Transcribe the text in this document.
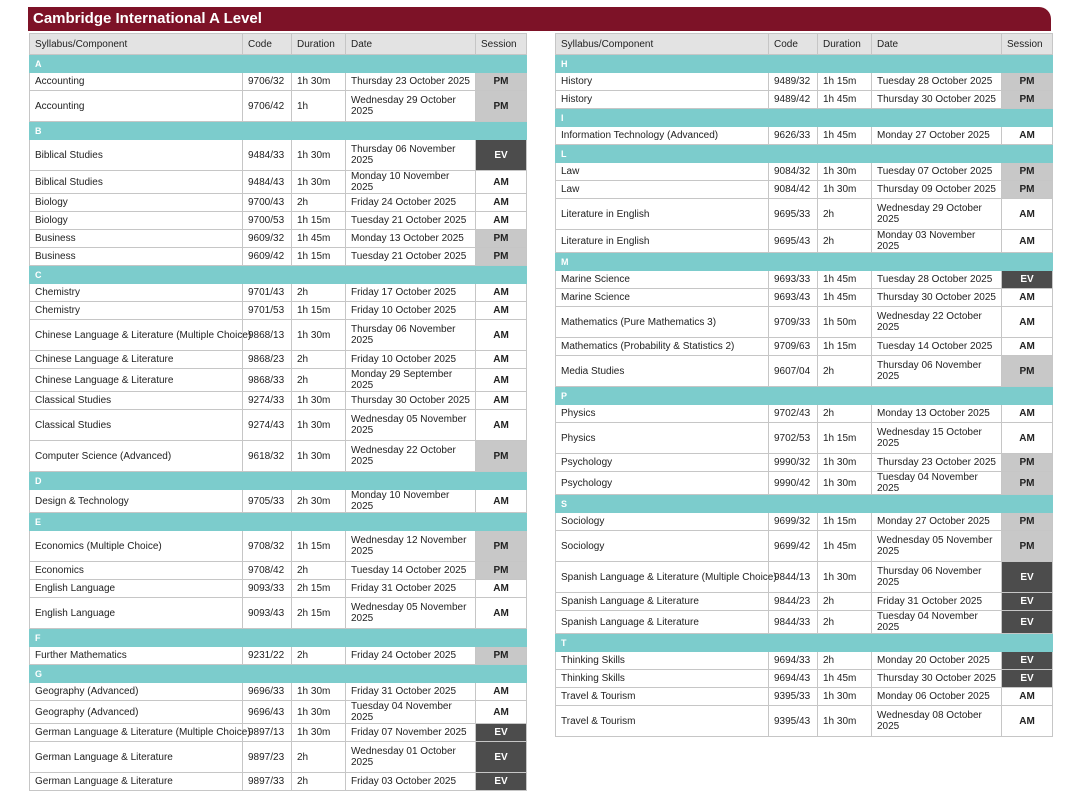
Cambridge International A Level
Syllabus/Component	Code	Duration	Date	Session
A				
Accounting	9706/32	1h 30m	Thursday 23 October 2025	PM
Accounting	9706/42	1h	Wednesday 29 October 2025	PM
B				
Biblical Studies	9484/33	1h 30m	Thursday 06 November 2025	EV
Biblical Studies	9484/43	1h 30m	Monday 10 November 2025	AM
Biology	9700/43	2h	Friday 24 October 2025	AM
Biology	9700/53	1h 15m	Tuesday 21 October 2025	AM
Business	9609/32	1h 45m	Monday 13 October 2025	PM
Business	9609/42	1h 15m	Tuesday 21 October 2025	PM
C				
Chemistry	9701/43	2h	Friday 17 October 2025	AM
Chemistry	9701/53	1h 15m	Friday 10 October 2025	AM
Chinese Language & Literature (Multiple Choice)	9868/13	1h 30m	Thursday 06 November 2025	AM
Chinese Language & Literature	9868/23	2h	Friday 10 October 2025	AM
Chinese Language & Literature	9868/33	2h	Monday 29 September 2025	AM
Classical Studies	9274/33	1h 30m	Thursday 30 October 2025	AM
Classical Studies	9274/43	1h 30m	Wednesday 05 November 2025	AM
Computer Science (Advanced)	9618/32	1h 30m	Wednesday 22 October 2025	PM
D				
Design & Technology	9705/33	2h 30m	Monday 10 November 2025	AM
E				
Economics (Multiple Choice)	9708/32	1h 15m	Wednesday 12 November 2025	PM
Economics	9708/42	2h	Tuesday 14 October 2025	PM
English Language	9093/33	2h 15m	Friday 31 October 2025	AM
English Language	9093/43	2h 15m	Wednesday 05 November 2025	AM
F				
Further Mathematics	9231/22	2h	Friday 24 October 2025	PM
G				
Geography (Advanced)	9696/33	1h 30m	Friday 31 October 2025	AM
Geography (Advanced)	9696/43	1h 30m	Tuesday 04 November 2025	AM
German Language & Literature (Multiple Choice)	9897/13	1h 30m	Friday 07 November 2025	EV
German Language & Literature	9897/23	2h	Wednesday 01 October 2025	EV
German Language & Literature	9897/33	2h	Friday 03 October 2025	EV
Syllabus/Component	Code	Duration	Date	Session
H				
History	9489/32	1h 15m	Tuesday 28 October 2025	PM
History	9489/42	1h 45m	Thursday 30 October 2025	PM
I				
Information Technology (Advanced)	9626/33	1h 45m	Monday 27 October 2025	AM
L				
Law	9084/32	1h 30m	Tuesday 07 October 2025	PM
Law	9084/42	1h 30m	Thursday 09 October 2025	PM
Literature in English	9695/33	2h	Wednesday 29 October 2025	AM
Literature in English	9695/43	2h	Monday 03 November 2025	AM
M				
Marine Science	9693/33	1h 45m	Tuesday 28 October 2025	EV
Marine Science	9693/43	1h 45m	Thursday 30 October 2025	AM
Mathematics (Pure Mathematics 3)	9709/33	1h 50m	Wednesday 22 October 2025	AM
Mathematics (Probability & Statistics 2)	9709/63	1h 15m	Tuesday 14 October 2025	AM
Media Studies	9607/04	2h	Thursday 06 November 2025	PM
P				
Physics	9702/43	2h	Monday 13 October 2025	AM
Physics	9702/53	1h 15m	Wednesday 15 October 2025	AM
Psychology	9990/32	1h 30m	Thursday 23 October 2025	PM
Psychology	9990/42	1h 30m	Tuesday 04 November 2025	PM
S				
Sociology	9699/32	1h 15m	Monday 27 October 2025	PM
Sociology	9699/42	1h 45m	Wednesday 05 November 2025	PM
Spanish Language & Literature (Multiple Choice)	9844/13	1h 30m	Thursday 06 November 2025	EV
Spanish Language & Literature	9844/23	2h	Friday 31 October 2025	EV
Spanish Language & Literature	9844/33	2h	Tuesday 04 November 2025	EV
T				
Thinking Skills	9694/33	2h	Monday 20 October 2025	EV
Thinking Skills	9694/43	1h 45m	Thursday 30 October 2025	EV
Travel & Tourism	9395/33	1h 30m	Monday 06 October 2025	AM
Travel & Tourism	9395/43	1h 30m	Wednesday 08 October 2025	AM
